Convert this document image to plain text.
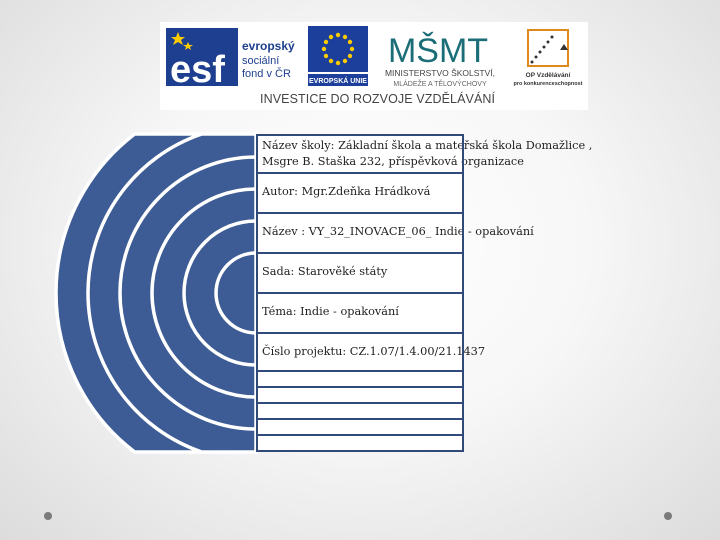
esf
evropský
sociální
fond v ČR
EVROPSKÁ UNIE
MŠMT
MINISTERSTVO ŠKOLSTVÍ,
MLÁDEŽE A TĚLOVÝCHOVY
OP Vzdělávání
pro konkurenceschopnost
INVESTICE DO ROZVOJE VZDĚLÁVÁNÍ
Název školy: Základní škola a mateřská škola Domažlice ,
Msgre B. Staška 232, příspěvková organizace
Autor: Mgr.Zdeňka Hrádková
Název : VY_32_INOVACE_06_ Indie - opakování
Sada: Starověké státy
Téma: Indie - opakování
Číslo projektu: CZ.1.07/1.4.00/21.1437
